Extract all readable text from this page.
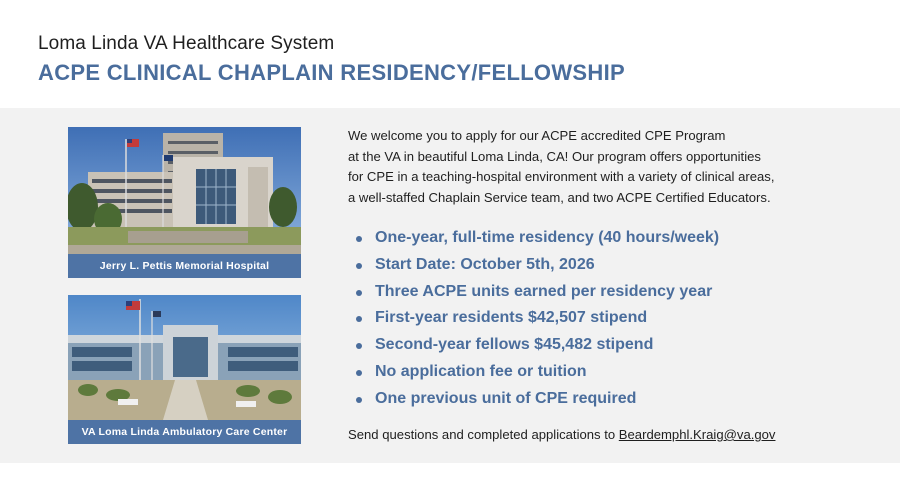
Loma Linda VA Healthcare System
ACPE CLINICAL CHAPLAIN RESIDENCY/FELLOWSHIP
Jerry L. Pettis Memorial Hospital
VA Loma Linda Ambulatory Care Center
We welcome you to apply for our ACPE accredited CPE Program
at the VA in beautiful Loma Linda, CA! Our program offers opportunities
for CPE in a teaching-hospital environment with a variety of clinical areas,
a well-staffed Chaplain Service team, and two ACPE Certified Educators.
One-year, full-time residency (40 hours/week)
Start Date: October 5th, 2026
Three ACPE units earned per residency year
First-year residents $42,507 stipend
Second-year fellows $45,482 stipend
No application fee or tuition
One previous unit of CPE required
Send questions and completed applications to Beardemphl.Kraig@va.gov
